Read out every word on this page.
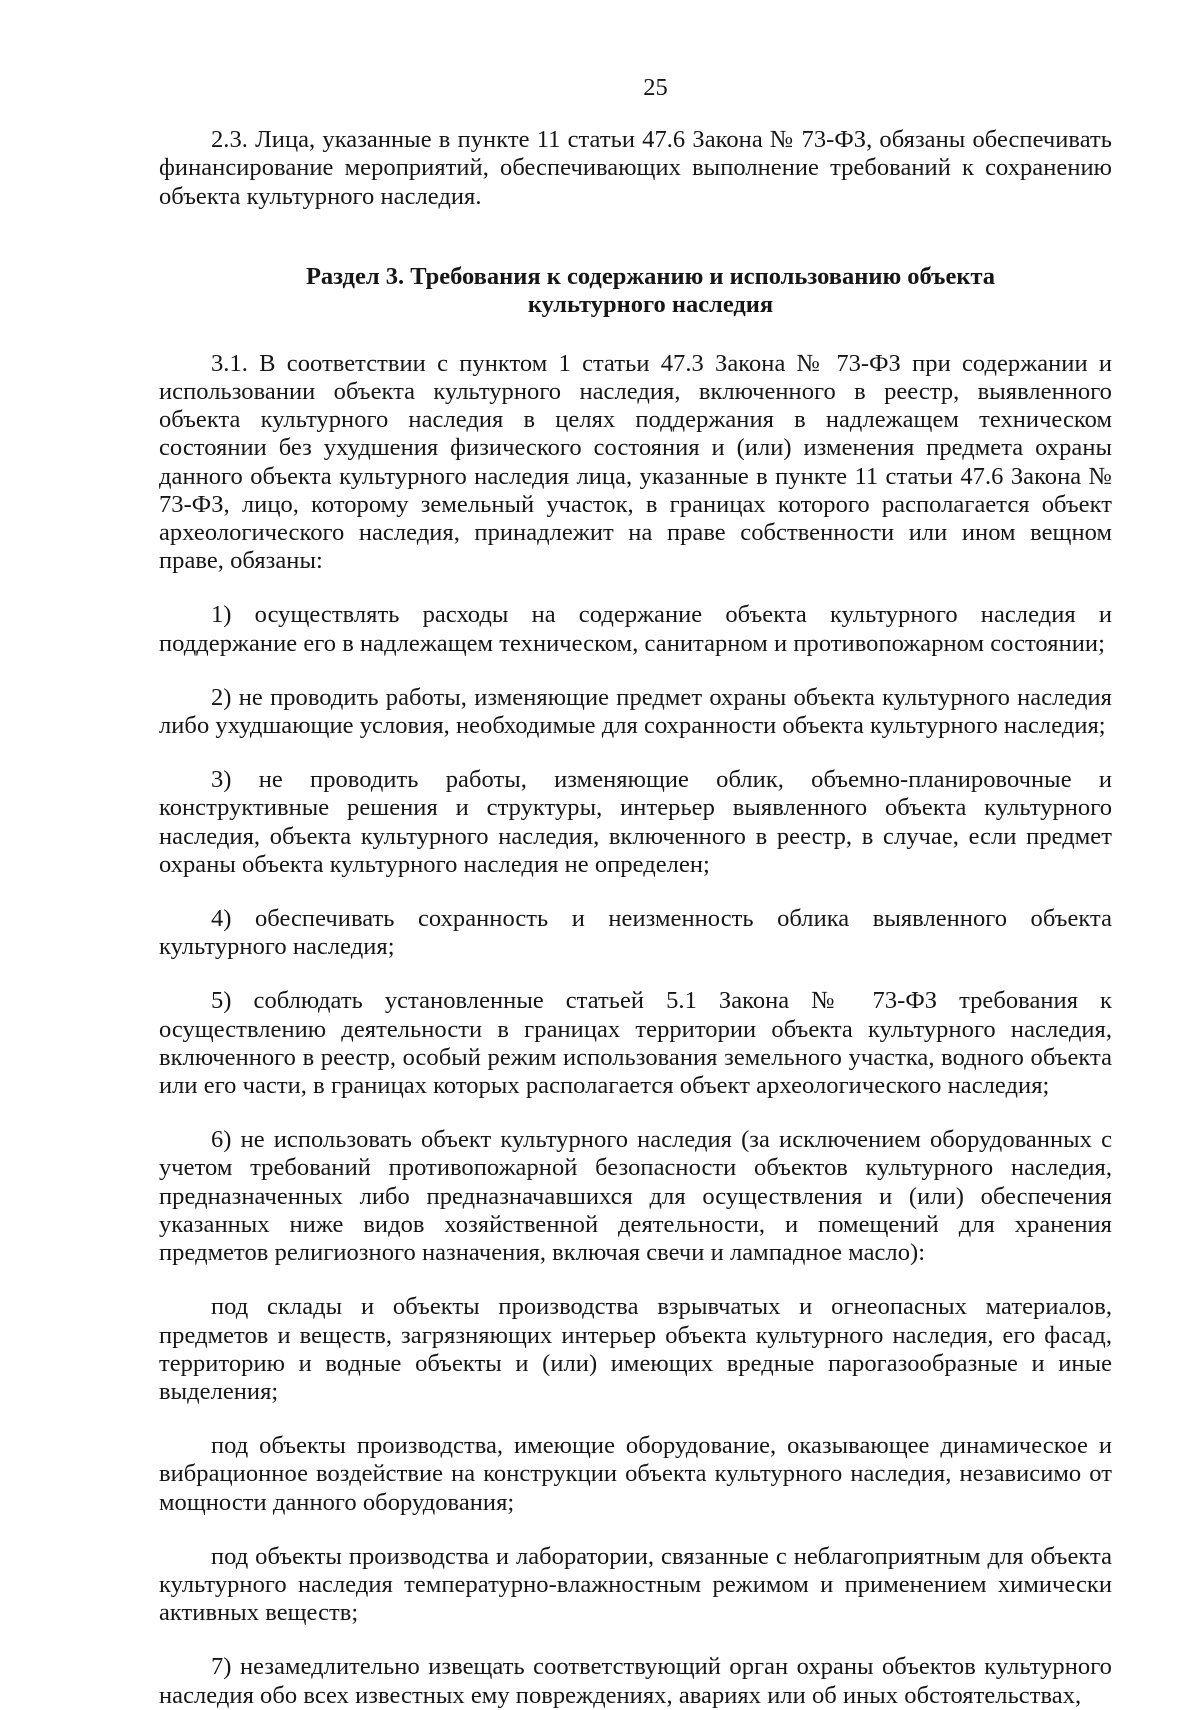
25

2.3. Лица, указанные в пункте 11 статьи 47.6 Закона № 73-ФЗ, обязаны обеспечивать финансирование мероприятий, обеспечивающих выполнение требований к сохранению объекта культурного наследия.

Раздел 3. Требования к содержанию и использованию объекта
культурного наследия

3.1. В соответствии с пунктом 1 статьи 47.3 Закона № 73-ФЗ при содержании и использовании объекта культурного наследия, включенного в реестр, выявленного объекта культурного наследия в целях поддержания в надлежащем техническом состоянии без ухудшения физического состояния и (или) изменения предмета охраны данного объекта культурного наследия лица, указанные в пункте 11 статьи 47.6 Закона № 73-ФЗ, лицо, которому земельный участок, в границах которого располагается объект археологического наследия, принадлежит на праве собственности или ином вещном праве, обязаны:

1) осуществлять расходы на содержание объекта культурного наследия и поддержание его в надлежащем техническом, санитарном и противопожарном состоянии;

2) не проводить работы, изменяющие предмет охраны объекта культурного наследия либо ухудшающие условия, необходимые для сохранности объекта культурного наследия;

3) не проводить работы, изменяющие облик, объемно-планировочные и конструктивные решения и структуры, интерьер выявленного объекта культурного наследия, объекта культурного наследия, включенного в реестр, в случае, если предмет охраны объекта культурного наследия не определен;

4) обеспечивать сохранность и неизменность облика выявленного объекта культурного наследия;

5) соблюдать установленные статьей 5.1 Закона № 73-ФЗ требования к осуществлению деятельности в границах территории объекта культурного наследия, включенного в реестр, особый режим использования земельного участка, водного объекта или его части, в границах которых располагается объект археологического наследия;

6) не использовать объект культурного наследия (за исключением оборудованных с учетом требований противопожарной безопасности объектов культурного наследия, предназначенных либо предназначавшихся для осуществления и (или) обеспечения указанных ниже видов хозяйственной деятельности, и помещений для хранения предметов религиозного назначения, включая свечи и лампадное масло):

под склады и объекты производства взрывчатых и огнеопасных материалов, предметов и веществ, загрязняющих интерьер объекта культурного наследия, его фасад, территорию и водные объекты и (или) имеющих вредные парогазообразные и иные выделения;

под объекты производства, имеющие оборудование, оказывающее динамическое и вибрационное воздействие на конструкции объекта культурного наследия, независимо от мощности данного оборудования;

под объекты производства и лаборатории, связанные с неблагоприятным для объекта культурного наследия температурно-влажностным режимом и применением химически активных веществ;

7) незамедлительно извещать соответствующий орган охраны объектов культурного наследия обо всех известных ему повреждениях, авариях или об иных обстоятельствах,
